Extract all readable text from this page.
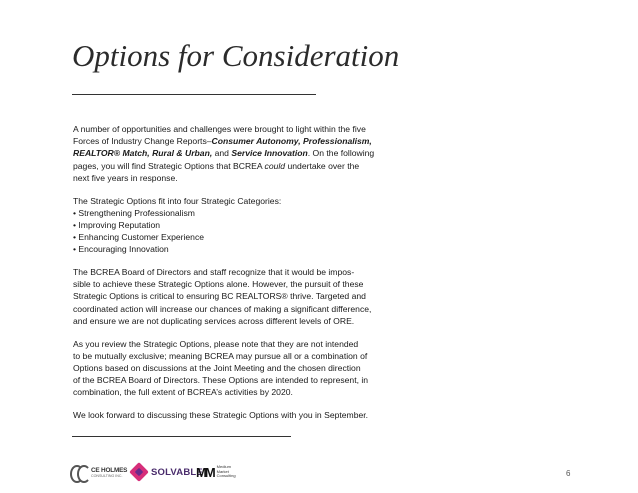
Options for Consideration
A number of opportunities and challenges were brought to light within the five
Forces of Industry Change Reports–Consumer Autonomy, Professionalism,
REALTOR® Match, Rural & Urban, and Service Innovation. On the following
pages, you will find Strategic Options that BCREA could undertake over the
next five years in response.
The Strategic Options fit into four Strategic Categories:
• Strengthening Professionalism
• Improving Reputation
• Enhancing Customer Experience
• Encouraging Innovation
The BCREA Board of Directors and staff recognize that it would be impos-
sible to achieve these Strategic Options alone. However, the pursuit of these
Strategic Options is critical to ensuring BC REALTORS® thrive. Targeted and
coordinated action will increase our chances of making a significant difference,
and ensure we are not duplicating services across different levels of ORE.
As you review the Strategic Options, please note that they are not intended
to be mutually exclusive; meaning BCREA may pursue all or a combination of
Options based on discussions at the Joint Meeting and the chosen direction
of the BCREA Board of Directors. These Options are intended to represent, in
combination, the full extent of BCREA’s activities by 2020.
We look forward to discussing these Strategic Options with you in September.
CE HOLMES
CONSULTING INC.	SOLVABLE
MM Medium
Market
Consulting	6
